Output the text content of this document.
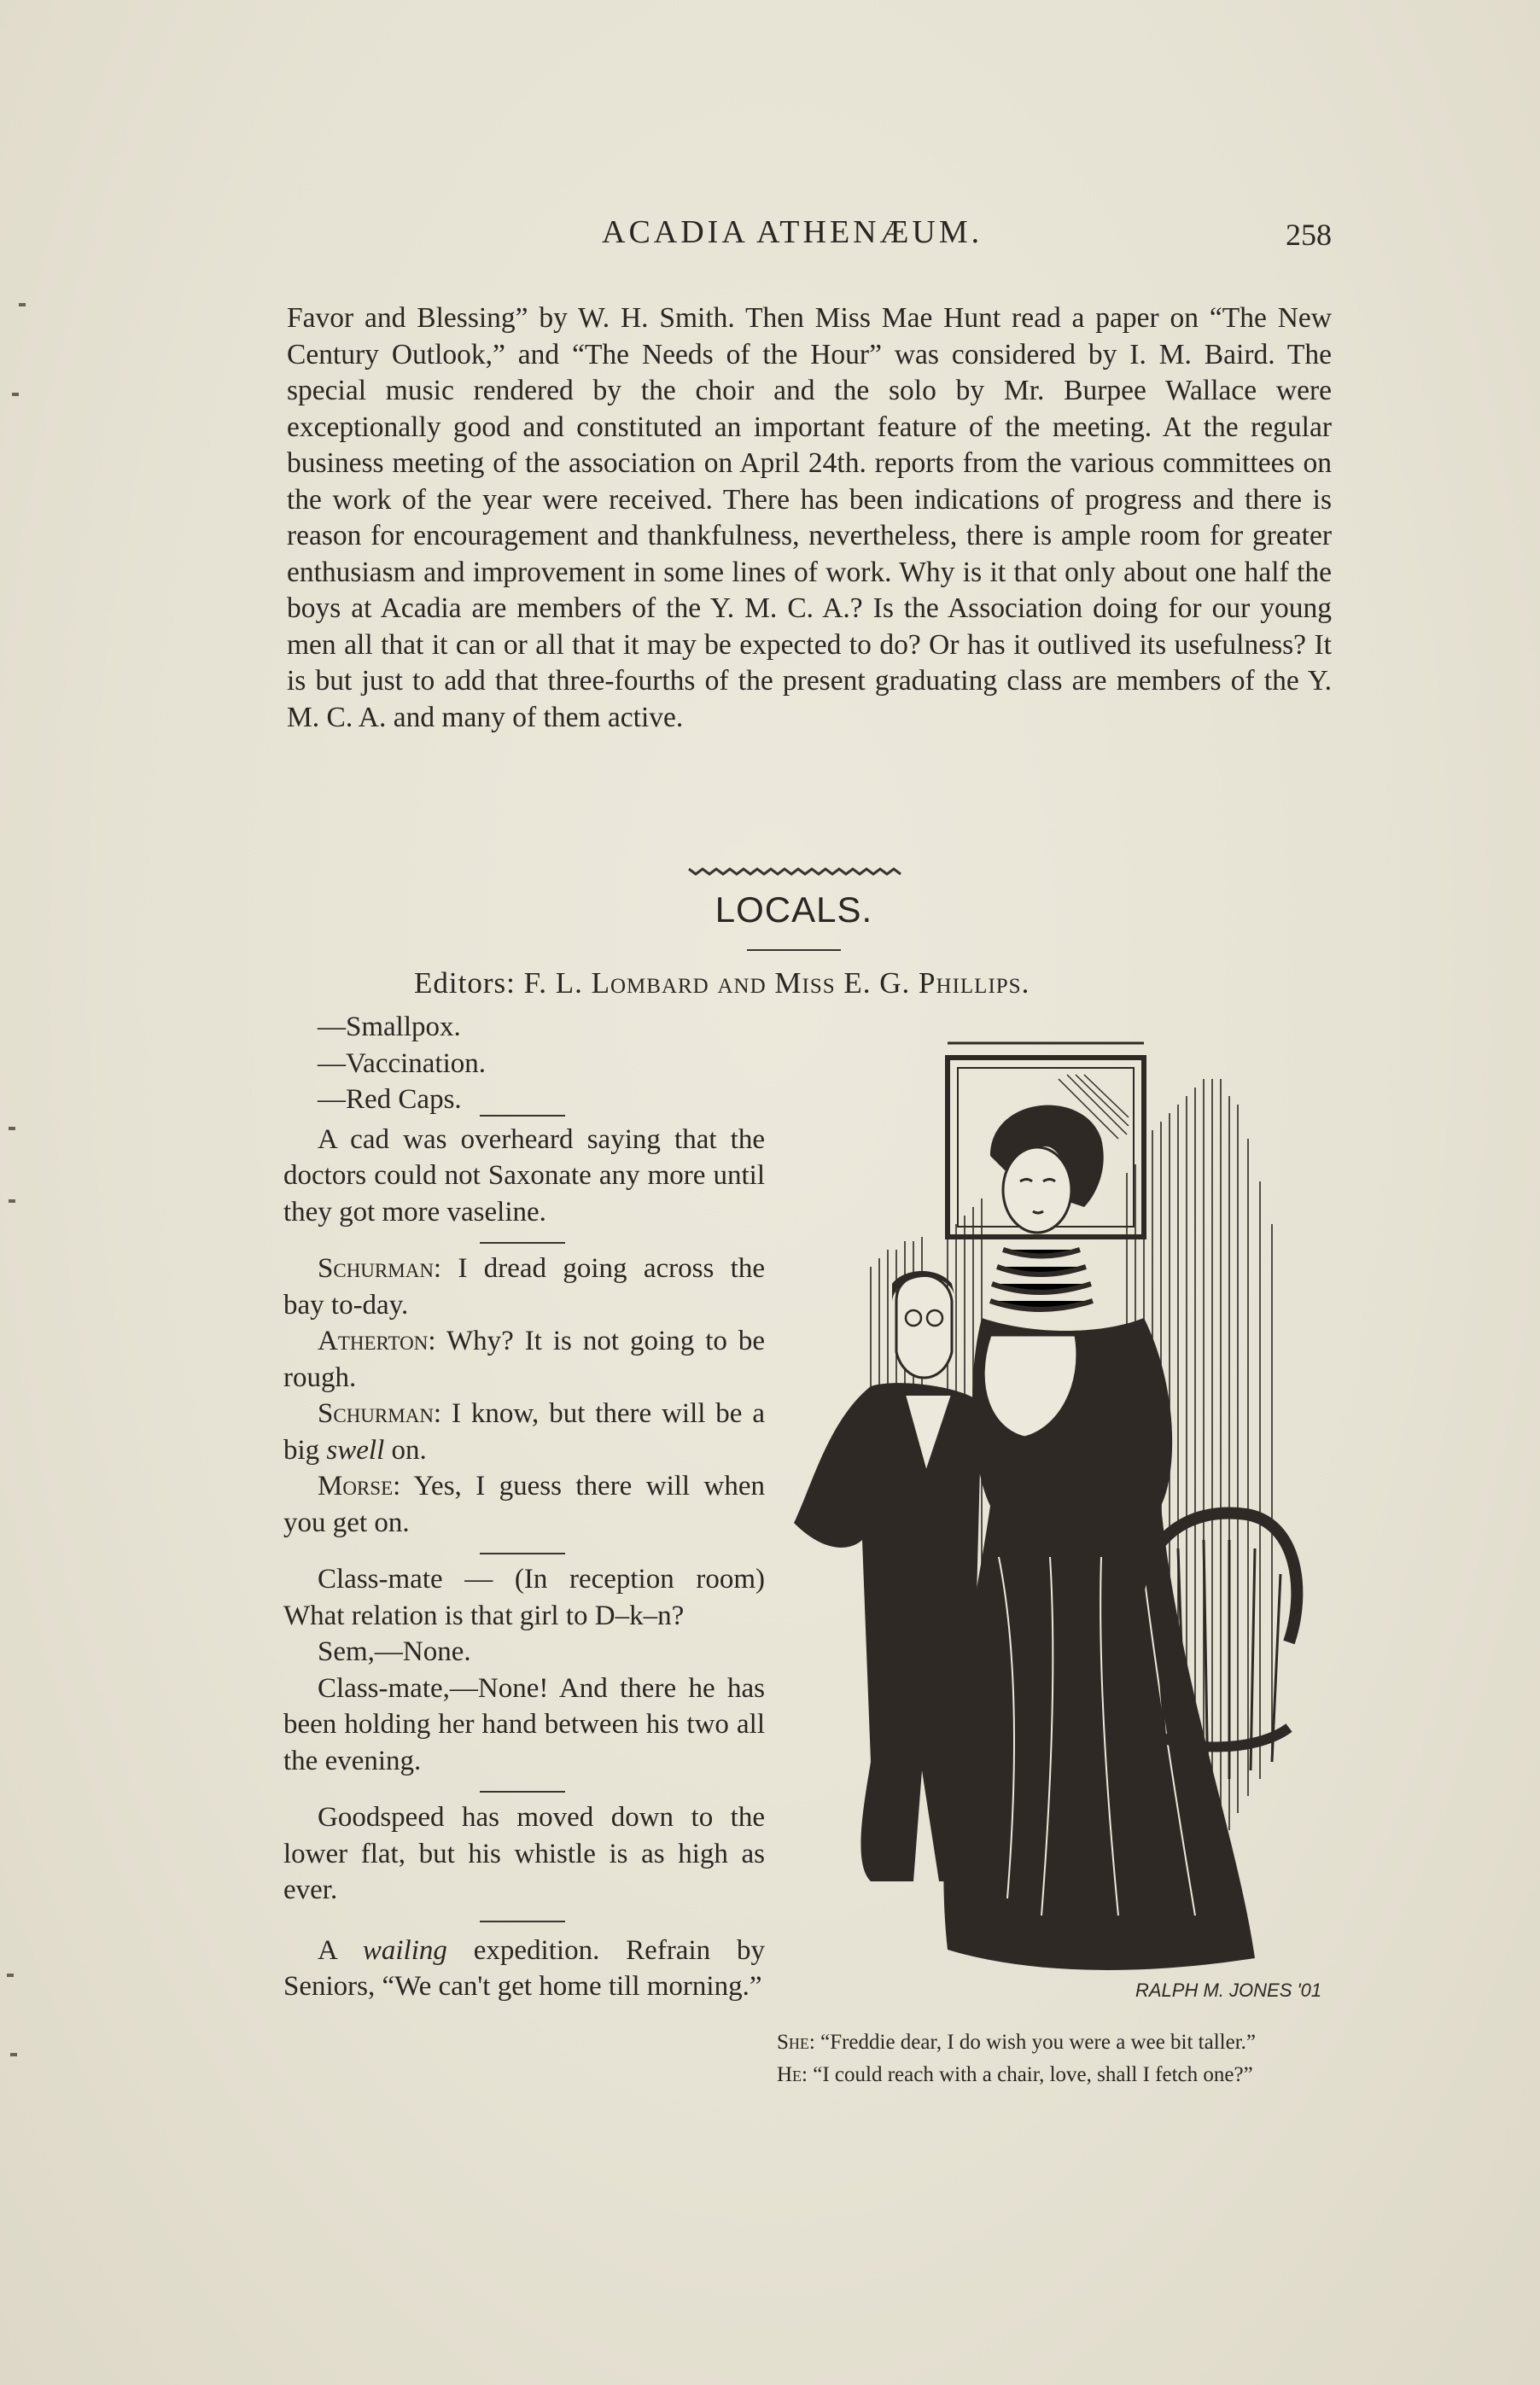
ACADIA ATHENÆUM.	258

Favor and Blessing” by W. H. Smith. Then Miss Mae Hunt read a paper on “The New Century Outlook,” and “The Needs of the Hour” was considered by I. M. Baird. The special music rendered by the choir and the solo by Mr. Burpee Wallace were exceptionally good and constituted an important feature of the meeting. At the regular business meeting of the association on April 24th. reports from the various committees on the work of the year were received. There has been indications of progress and there is reason for encouragement and thankfulness, nevertheless, there is ample room for greater enthusiasm and improvement in some lines of work. Why is it that only about one half the boys at Acadia are members of the Y. M. C. A.? Is the Association doing for our young men all that it can or all that it may be expected to do? Or has it outlived its usefulness? It is but just to add that three-fourths of the present graduating class are members of the Y. M. C. A. and many of them active.

LOCALS.
Editors: F. L. Lombard and Miss E. G. Phillips.

—Smallpox.

—Vaccination.

—Red Caps.

A cad was overheard saying that the doctors could not Saxonate any more until they got more vaseline.

Schurman: I dread going across the bay to-day.

Atherton: Why? It is not going to be rough.

Schurman: I know, but there will be a big swell on.

Morse: Yes, I guess there will when you get on.

Class-mate — (In reception room) What relation is that girl to D–k–n?

Sem,—None.

Class-mate,—None! And there he has been holding her hand between his two all the evening.

Goodspeed has moved down to the lower flat, but his whistle is as high as ever.

A wailing expedition. Refrain by Seniors, “We can't get home till morning.”	RALPH M. JONES '01

She: “Freddie dear, I do wish you were a wee bit taller.”

He: “I could reach with a chair, love, shall I fetch one?”
